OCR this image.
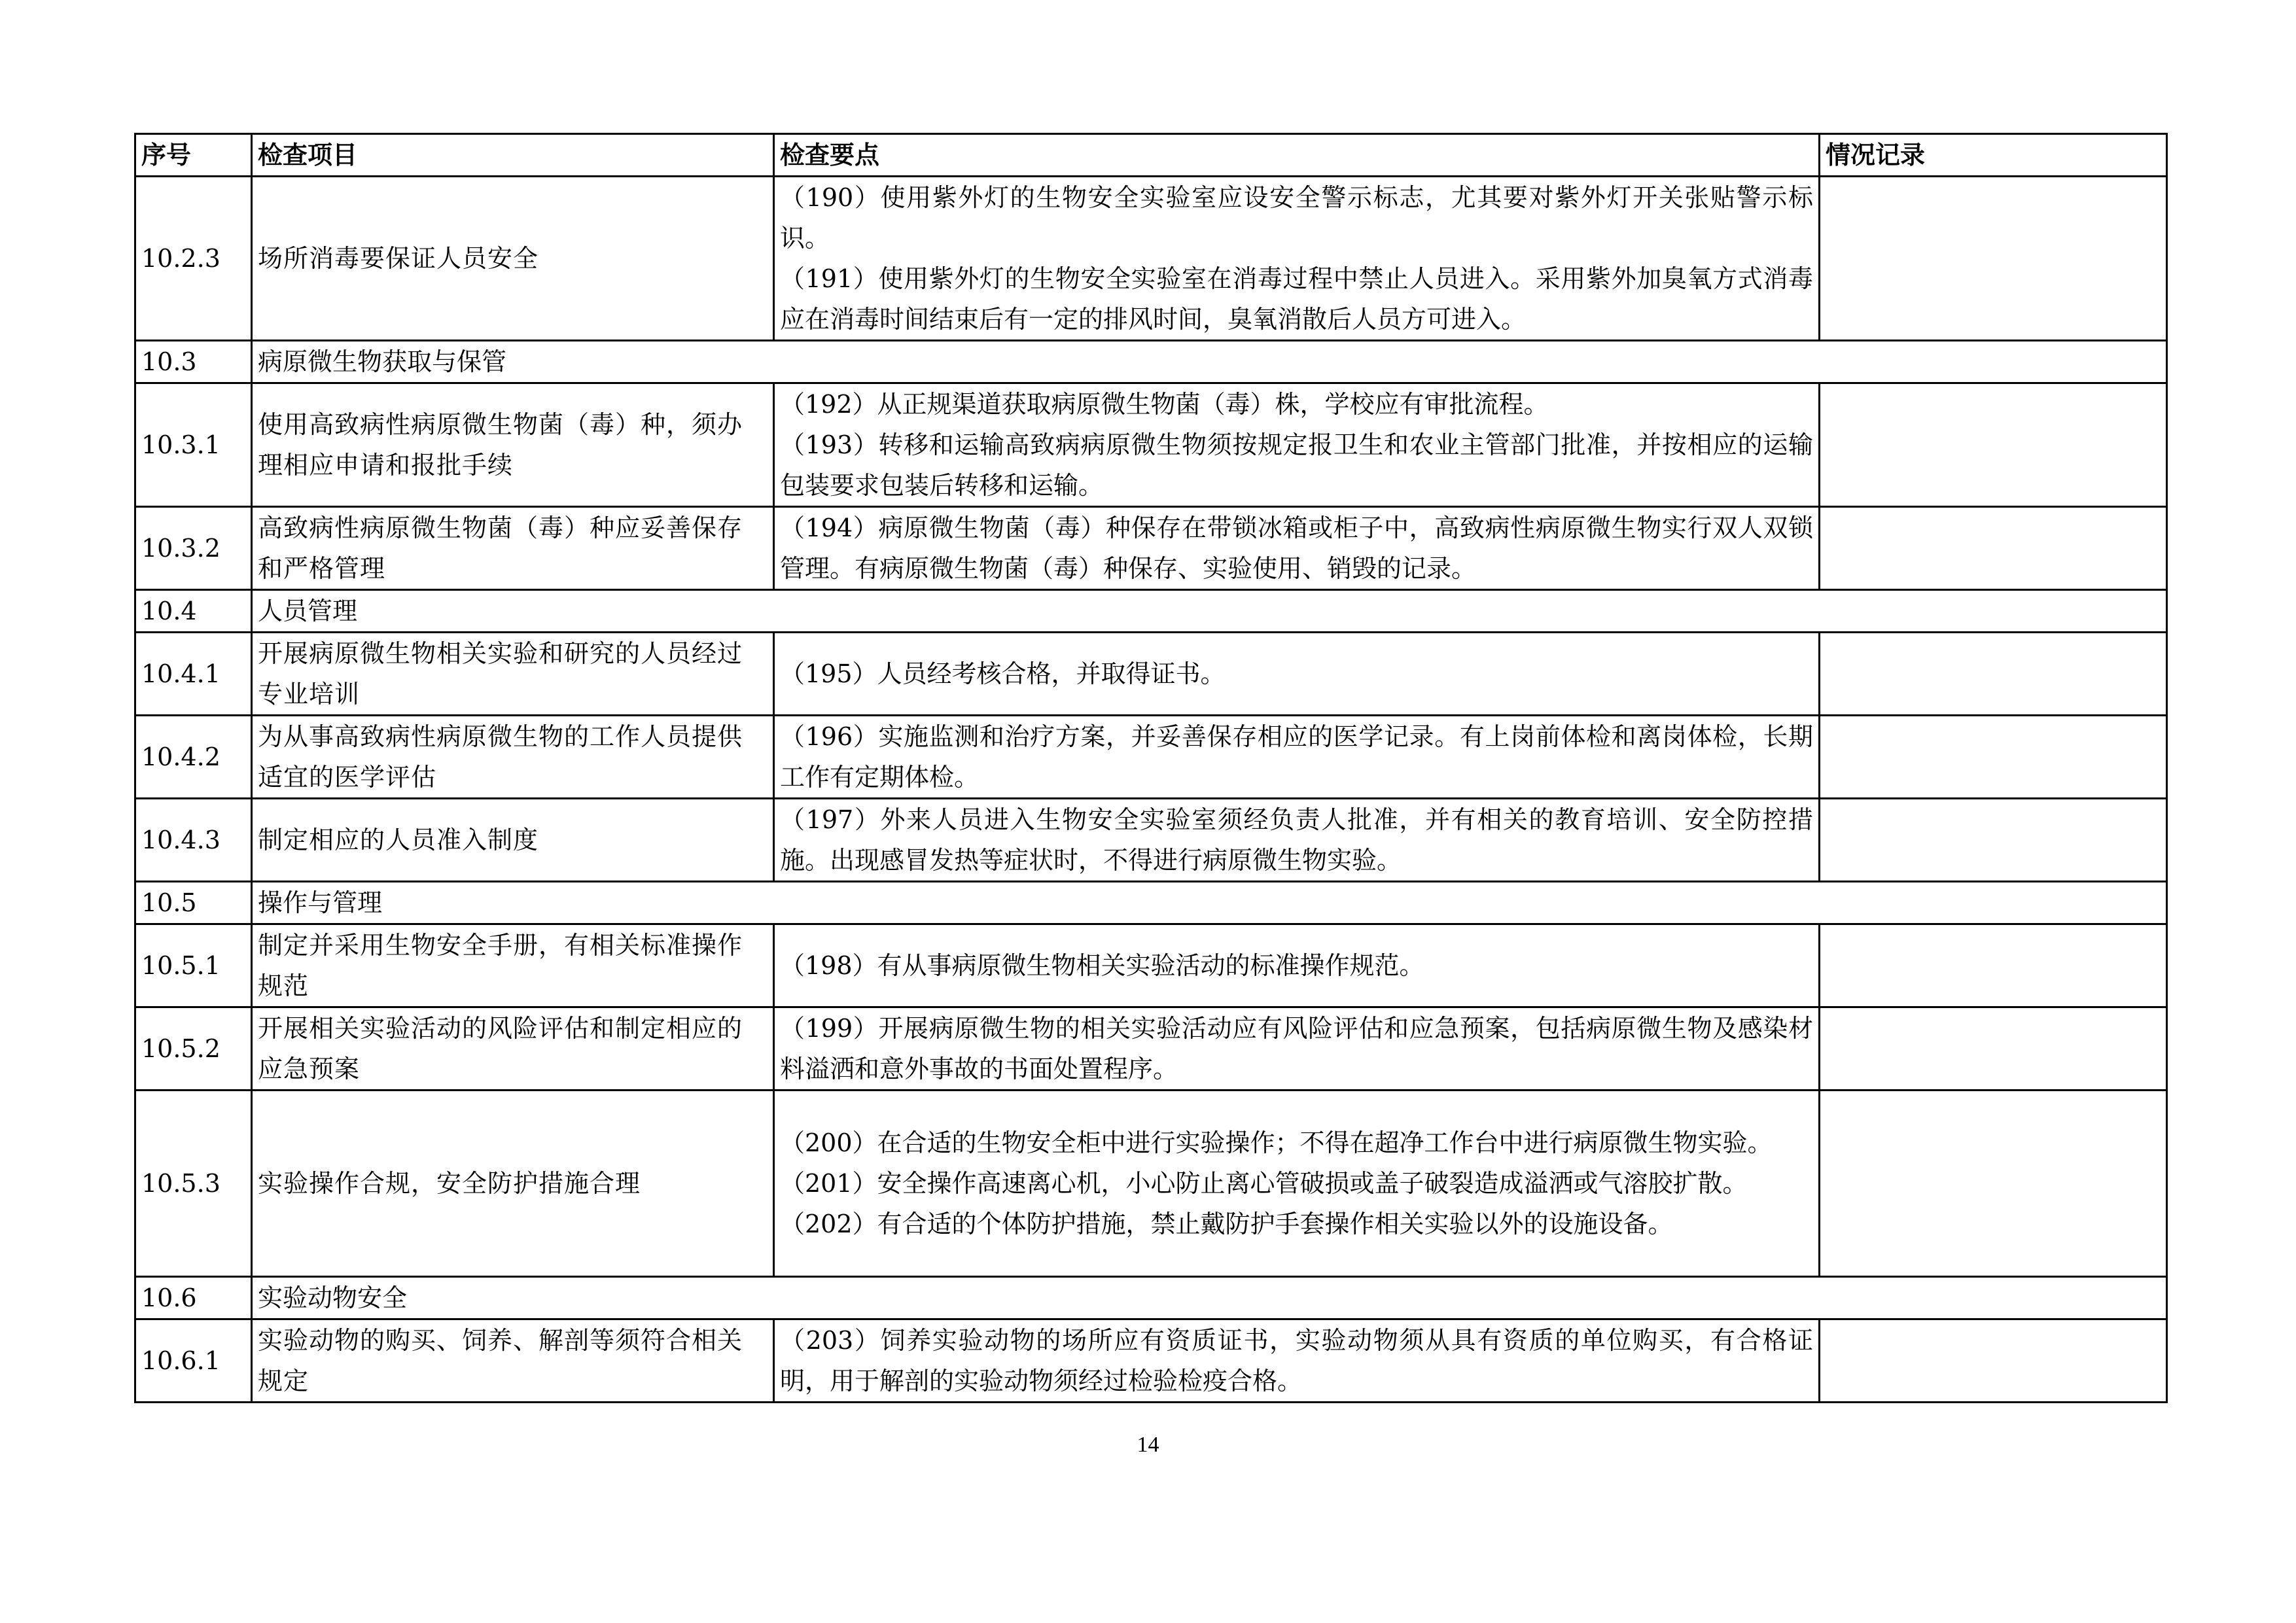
序号	检查项目	检查要点	情况记录
10.2.3	场所消毒要保证人员安全	（190）使用紫外灯的生物安全实验室应设安全警示标志，尤其要对紫外灯开关张贴警示标识。
（191）使用紫外灯的生物安全实验室在消毒过程中禁止人员进入。采用紫外加臭氧方式消毒应在消毒时间结束后有一定的排风时间，臭氧消散后人员方可进入。	

10.3	病原微生物获取与保管		
10.3.1	使用高致病性病原微生物菌（毒）种，须办理相应申请和报批手续	（192）从正规渠道获取病原微生物菌（毒）株，学校应有审批流程。
（193）转移和运输高致病病原微生物须按规定报卫生和农业主管部门批准，并按相应的运输包装要求包装后转移和运输。	

10.3.2	高致病性病原微生物菌（毒）种应妥善保存和严格管理	（194）病原微生物菌（毒）种保存在带锁冰箱或柜子中，高致病性病原微生物实行双人双锁管理。有病原微生物菌（毒）种保存、实验使用、销毁的记录。	

10.4	人员管理		
10.4.1	开展病原微生物相关实验和研究的人员经过专业培训	（195）人员经考核合格，并取得证书。	

10.4.2	为从事高致病性病原微生物的工作人员提供适宜的医学评估	（196）实施监测和治疗方案，并妥善保存相应的医学记录。有上岗前体检和离岗体检，长期工作有定期体检。	

10.4.3	制定相应的人员准入制度	（197）外来人员进入生物安全实验室须经负责人批准，并有相关的教育培训、安全防控措施。出现感冒发热等症状时，不得进行病原微生物实验。	

10.5	操作与管理		
10.5.1	制定并采用生物安全手册，有相关标准操作规范	（198）有从事病原微生物相关实验活动的标准操作规范。	

10.5.2	开展相关实验活动的风险评估和制定相应的应急预案	（199）开展病原微生物的相关实验活动应有风险评估和应急预案，包括病原微生物及感染材料溢洒和意外事故的书面处置程序。	

10.5.3	实验操作合规，安全防护措施合理	（200）在合适的生物安全柜中进行实验操作；不得在超净工作台中进行病原微生物实验。
（201）安全操作高速离心机，小心防止离心管破损或盖子破裂造成溢洒或气溶胶扩散。
（202）有合适的个体防护措施，禁止戴防护手套操作相关实验以外的设施设备。	

10.6	实验动物安全		
10.6.1	实验动物的购买、饲养、解剖等须符合相关规定	（203）饲养实验动物的场所应有资质证书，实验动物须从具有资质的单位购买，有合格证明，用于解剖的实验动物须经过检验检疫合格。	

14
